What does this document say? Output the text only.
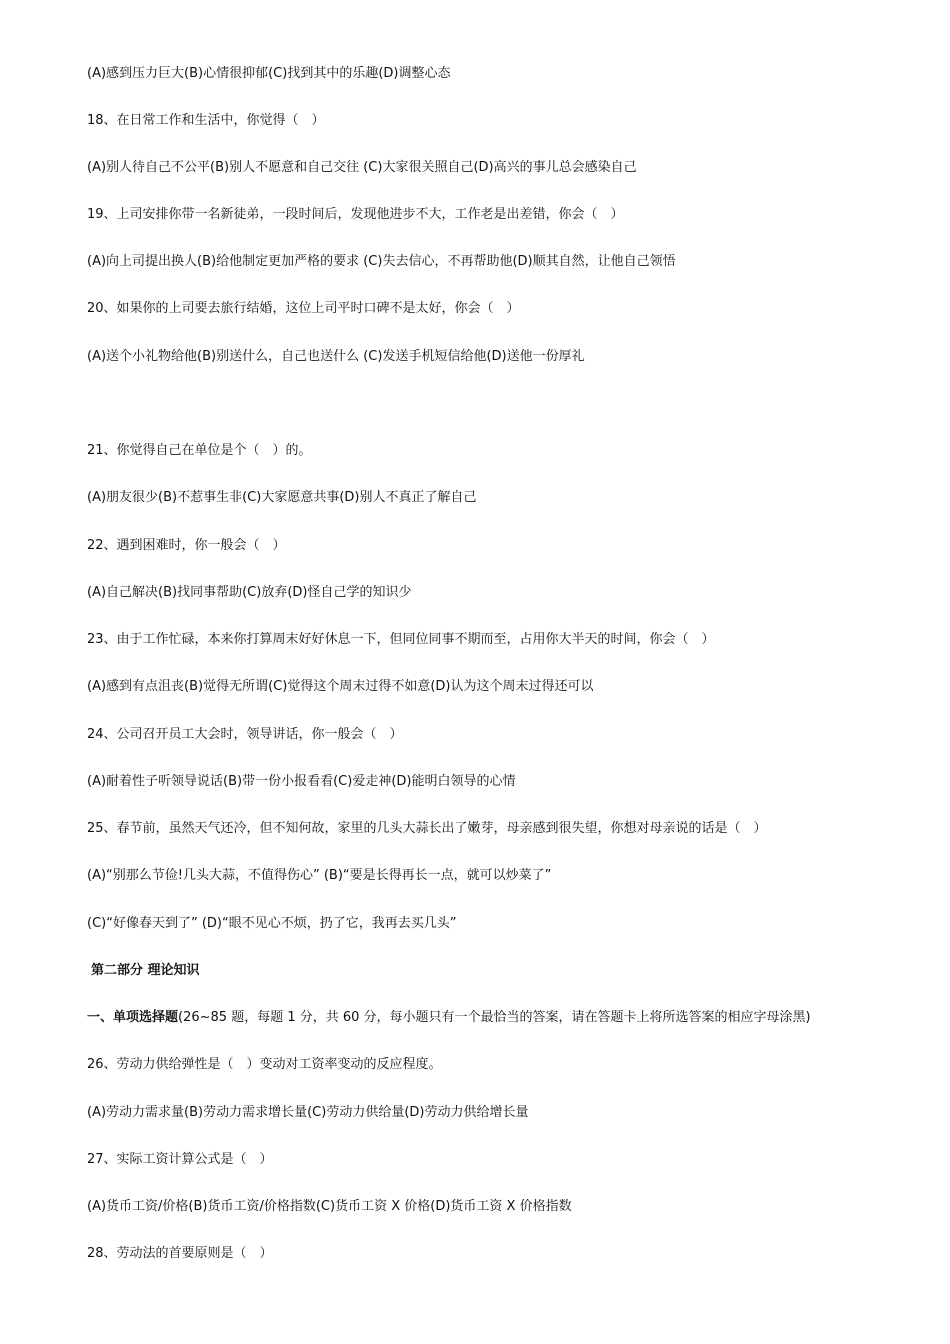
(A)感到压力巨大(B)心情很抑郁(C)找到其中的乐趣(D)调整心态
18、在日常工作和生活中，你觉得（　）
(A)别人待自己不公平(B)别人不愿意和自己交往 (C)大家很关照自己(D)高兴的事儿总会感染自己
19、上司安排你带一名新徒弟，一段时间后，发现他进步不大，工作老是出差错，你会（　）
(A)向上司提出换人(B)给他制定更加严格的要求 (C)失去信心，不再帮助他(D)顺其自然，让他自己领悟
20、如果你的上司要去旅行结婚，这位上司平时口碑不是太好，你会（　）
(A)送个小礼物给他(B)别送什么，自己也送什么 (C)发送手机短信给他(D)送他一份厚礼
21、你觉得自己在单位是个（　）的。
(A)朋友很少(B)不惹事生非(C)大家愿意共事(D)别人不真正了解自己
22、遇到困难时，你一般会（　）
(A)自己解决(B)找同事帮助(C)放弃(D)怪自己学的知识少
23、由于工作忙碌，本来你打算周末好好休息一下，但同位同事不期而至，占用你大半天的时间，你会（　）
(A)感到有点沮丧(B)觉得无所谓(C)觉得这个周末过得不如意(D)认为这个周末过得还可以
24、公司召开员工大会时，领导讲话，你一般会（　）
(A)耐着性子听领导说话(B)带一份小报看看(C)爱走神(D)能明白领导的心情
25、春节前，虽然天气还冷，但不知何故，家里的几头大蒜长出了嫩芽，母亲感到很失望，你想对母亲说的话是（　）
(A)“别那么节俭!几头大蒜，不值得伤心” (B)“要是长得再长一点，就可以炒菜了”
(C)“好像春天到了” (D)“眼不见心不烦，扔了它，我再去买几头”
第二部分 理论知识
一、单项选择题(26~85 题，每题 1 分，共 60 分，每小题只有一个最恰当的答案，请在答题卡上将所选答案的相应字母涂黑)
26、劳动力供给弹性是（　）变动对工资率变动的反应程度。
(A)劳动力需求量(B)劳动力需求增长量(C)劳动力供给量(D)劳动力供给增长量
27、实际工资计算公式是（　）
(A)货币工资/价格(B)货币工资/价格指数(C)货币工资 X 价格(D)货币工资 X 价格指数
28、劳动法的首要原则是（　）
